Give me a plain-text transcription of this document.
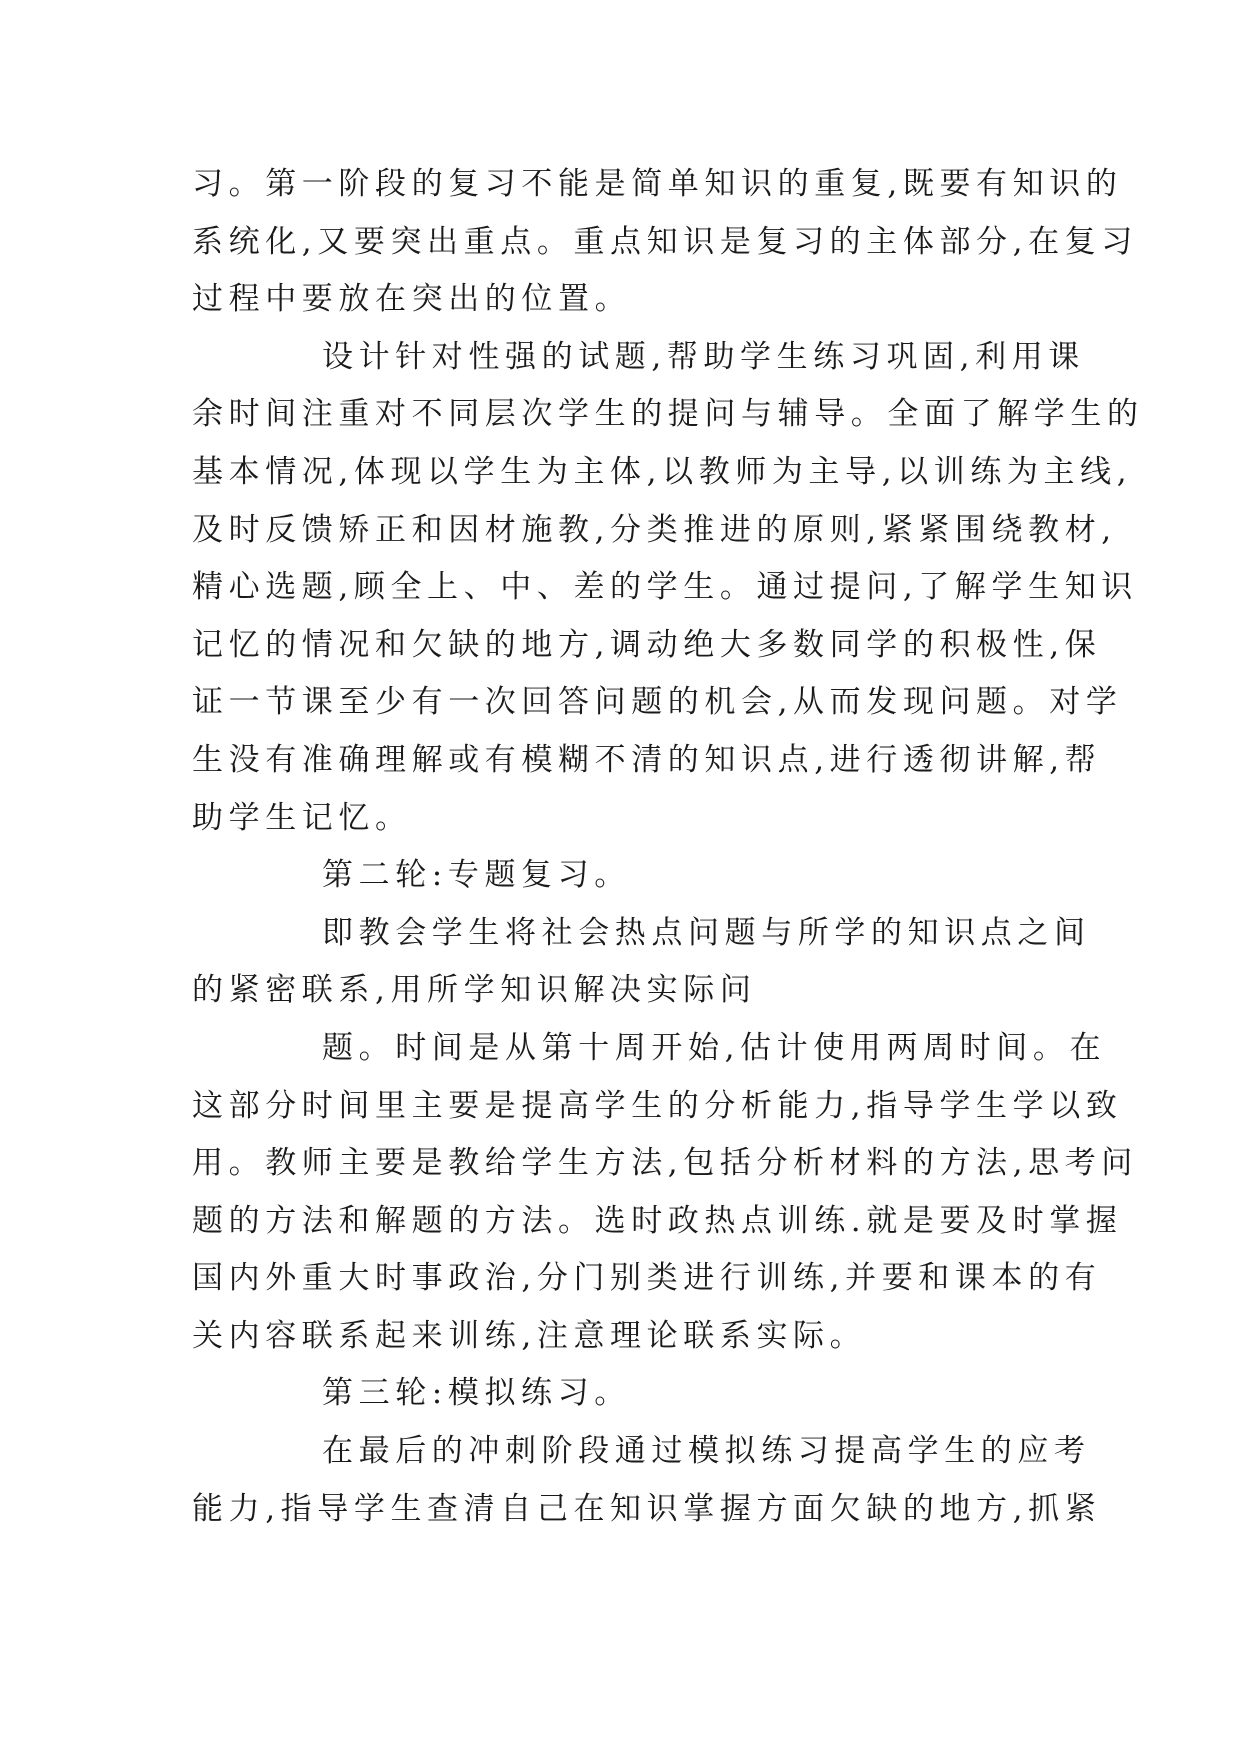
习。第一阶段的复习不能是简单知识的重复,既要有知识的
系统化,又要突出重点。重点知识是复习的主体部分,在复习
过程中要放在突出的位置。
设计针对性强的试题,帮助学生练习巩固,利用课
余时间注重对不同层次学生的提问与辅导。全面了解学生的
基本情况,体现以学生为主体,以教师为主导,以训练为主线,
及时反馈矫正和因材施教,分类推进的原则,紧紧围绕教材,
精心选题,顾全上、中、差的学生。通过提问,了解学生知识
记忆的情况和欠缺的地方,调动绝大多数同学的积极性,保
证一节课至少有一次回答问题的机会,从而发现问题。对学
生没有准确理解或有模糊不清的知识点,进行透彻讲解,帮
助学生记忆。
第二轮:专题复习。
即教会学生将社会热点问题与所学的知识点之间
的紧密联系,用所学知识解决实际问
题。时间是从第十周开始,估计使用两周时间。在
这部分时间里主要是提高学生的分析能力,指导学生学以致
用。教师主要是教给学生方法,包括分析材料的方法,思考问
题的方法和解题的方法。选时政热点训练.就是要及时掌握
国内外重大时事政治,分门别类进行训练,并要和课本的有
关内容联系起来训练,注意理论联系实际。
第三轮:模拟练习。
在最后的冲刺阶段通过模拟练习提高学生的应考
能力,指导学生查清自己在知识掌握方面欠缺的地方,抓紧
